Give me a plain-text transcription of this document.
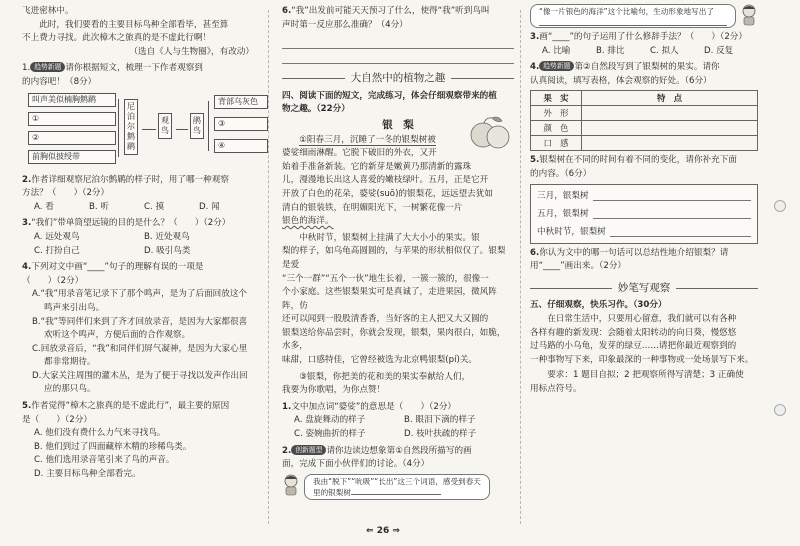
飞进密林中。

此时，我们要看的主要目标鸟种全部看毕，甚至算

不上费力寻找。此次樟木之旅真的是不虚此行啊！

（选自《人与生物圈》，有改动）

1. 趋势新题 请你根据短文，梳理一下作者观察到

的内容吧！（8分）

叫声美似楠胸鹪鹛
①
②
前胸似披绶带
尼泊尔鹪鹛
观鸟
鹃鸟
背部乌灰色
③
④

2.作者详细观察尼泊尔鹪鹛的样子时，用了哪一种观察

方法？（　　）（2分）

A. 看	B. 听	C. 摸	D. 闻

3.“我们”带单筒望远镜的目的是什么？（　　）（2分）

A. 远处观鸟	B. 近处观鸟
C. 打扮自己	D. 吸引鸟类

4.下列对文中画“____”句子的理解有误的一项是

（　　）（2分）

A.“我”用录音笔记录下了那个鸣声，是为了后面回放这个鸣声来引出鸟。

B.“我”等同伴们来到了齐才回放录音，是因为大家都很喜欢听这个鸣声，方便后面的合作观察。

C.回放录音后，“我”和同伴们屏气凝神，是因为大家心里都非常期待。

D.大家关注周围的灌木丛，是为了便于寻找以发声作出回应的那只鸟。

5.作者觉得“樟木之旅真的是不虚此行”，最主要的原因

是（　　）（2分）

A. 他们没有费什么力气来寻找鸟。

B. 他们到过了四面藏梓木精的珍稀鸟类。

C. 他们选用录音笔引来了鸟的声音。

D. 主要目标鸟种全部看完。

6.“我”出发前可能天天预习了什么，使得“我”听到鸟叫

声时第一反应那么准确？（4分）

大自然中的植物之趣

四、阅读下面的短文，完成练习，体会仔细观察带来的植

物之趣。（22分）

银　梨

①阳春三月，沉睡了一冬的银梨树被

婆娑细雨淋醒。它脱下破旧的外衣，又开

始着手准备新装。它的新芽是嫩黄乃那清新的露珠

儿，漫漫地长出这人喜爱的嫩枝绿叶。五月，正是它开

开放了白色的花朵，婆娑(suō)的银梨花，远远望去犹如

清白的银装铁，在明媚阳光下，一树繁花像一片

银色的海洋。

中秋时节，银梨树上挂满了大大小小的果实。银

梨的样子，如乌龟高圆圆的，与苹果的形状相似仅了。银梨是爱

“三个一群”“五个一伙”地生长着，一簇一簇的，很像一

个小家庭。这些银梨果实可是真诚了，走进果园，微风阵阵，仿

还可以闻到一股股清香香，当好客的主人把又大又圆的

银梨送给你品尝时，你就会发现，银梨，果肉很白，如脆，水多，

味甜，口感特佳，它曾经被选为北京鸭银梨(pí)关。

③银梨，你把美的花和美的果实奉献给人们，

我要为你歌唱，为你点赞！

1.文中加点词“婆娑”的意思是（　　）（2分）

A. 盘旋舞动的样子	B. 眼泪下滴的样子
C. 姿婉曲折的样子	D. 枝叶扶疏的样子

2. 创新题型 请你边读边想象第①自然段所描写的画

面，完成下面小伙伴们的讨论。（4分）

我由“脱下”“吮吸”“长出”这三个词语，感受到春天

里的银梨树

“像一片银色的海洋”这个比喻句，生动形象地写出了

3.画“____”的句子运用了什么修辞手法？（　　）（2分）

A. 比喻	B. 排比	C. 拟人	D. 反复

4. 趋势新题 第②自然段写到了银梨树的果实。请你

认真阅读，填写表格，体会观察的好处。（6分）

果　实	特　点
外　形	
颜　色	
口　感	

5.银梨树在不同的时间有着不同的变化，请你补充下面

的内容。（6分）

三月，银梨树

五月，银梨树

中秋时节，银梨树

6.你认为文中的哪一句话可以总结性地介绍银梨？请

用“____”画出来。（2分）

妙笔写观察

五、仔细观察，快乐习作。（30分）

在日常生活中，只要用心留意，我们就可以有各种

各样有趣的新发现：会随着太阳转动的向日葵，慢悠悠

过马路的小乌龟，发芽的绿豆……请把你最近观察到的

一种事物写下来，印象最深的一种事物或一处场景写下来。

要求：1 题目自拟；2 把观察所得写清楚；3 正确使

用标点符号。

⇐ 26 ⇒
